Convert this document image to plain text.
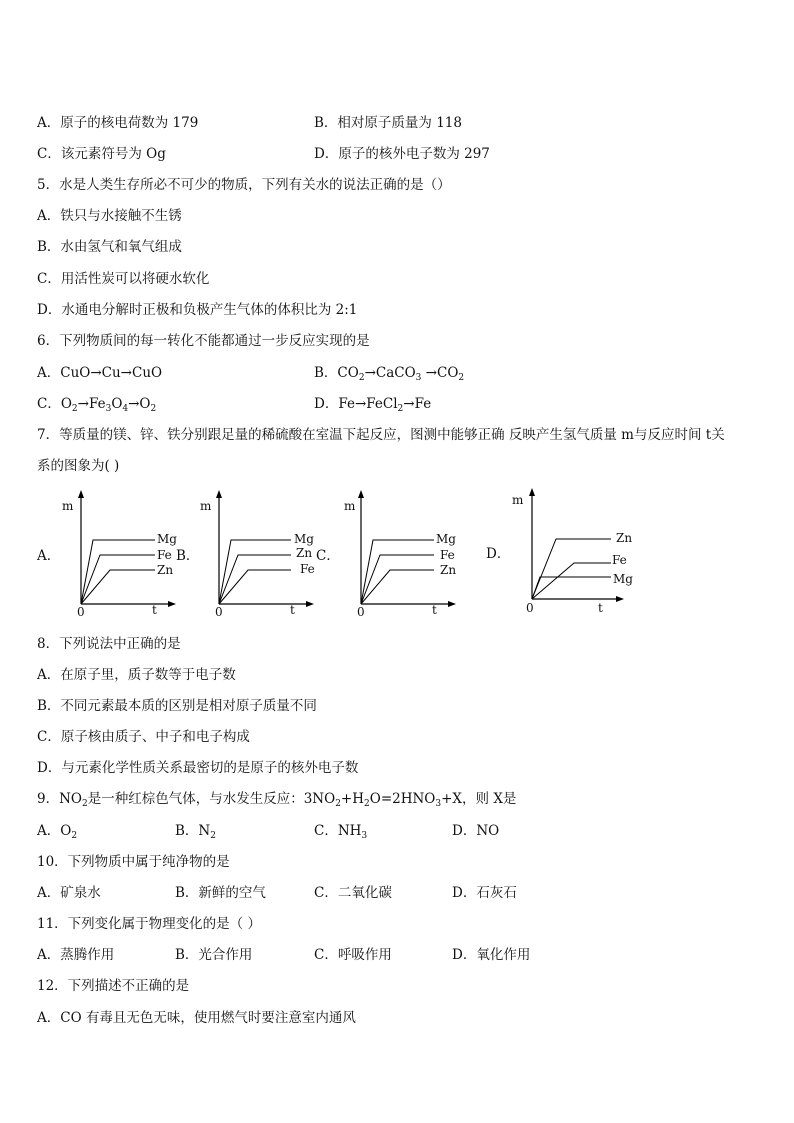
A．原子的核电荷数为 179	B．相对原子质量为 118
C．该元素符号为 Og	D．原子的核外电子数为 297
5．水是人类生存所必不可少的物质，下列有关水的说法正确的是（）
A．铁只与水接触不生锈
B．水由氢气和氧气组成
C．用活性炭可以将硬水软化
D．水通电分解时正极和负极产生气体的体积比为 2:1
6．下列物质间的每一转化不能都通过一步反应实现的是
A．CuO→Cu→CuO	B．$CO_2\to CaCO_3 \to CO_2$
C．$O_2\to Fe_3O_4\to O_2$	D．Fe→FeCl$_2$→Fe
7．等质量的镁、锌、铁分别跟足量的稀硫酸在室温下起反应，图测中能够正确 反映产生氢气质量 m与反应时间 t关
系的图象为( )
A．
m
0	t
Mg
Fe
Zn
B．
m
0	t
Mg
Zn
Fe
C．
m
0	t
Mg
Fe
Zn
D．
m
0	t
Zn
Fe
Mg
8．下列说法中正确的是
A．在原子里，质子数等于电子数
B．不同元素最本质的区别是相对原子质量不同
C．原子核由质子、中子和电子构成
D．与元素化学性质关系最密切的是原子的核外电子数
9．$NO_2$是一种红棕色气体，与水发生反应：$3NO_2+H_2O=2HNO_3+X$，则 X是
A．$O_2$	B．$N_2$	C．$NH_3$	D．NO
10．下列物质中属于纯净物的是
A．矿泉水	B．新鲜的空气	C．二氧化碳	D．石灰石
11．下列变化属于物理变化的是（ ）
A．蒸腾作用	B．光合作用	C．呼吸作用	D．氧化作用
12．下列描述不正确的是
A．CO 有毒且无色无味，使用燃气时要注意室内通风
